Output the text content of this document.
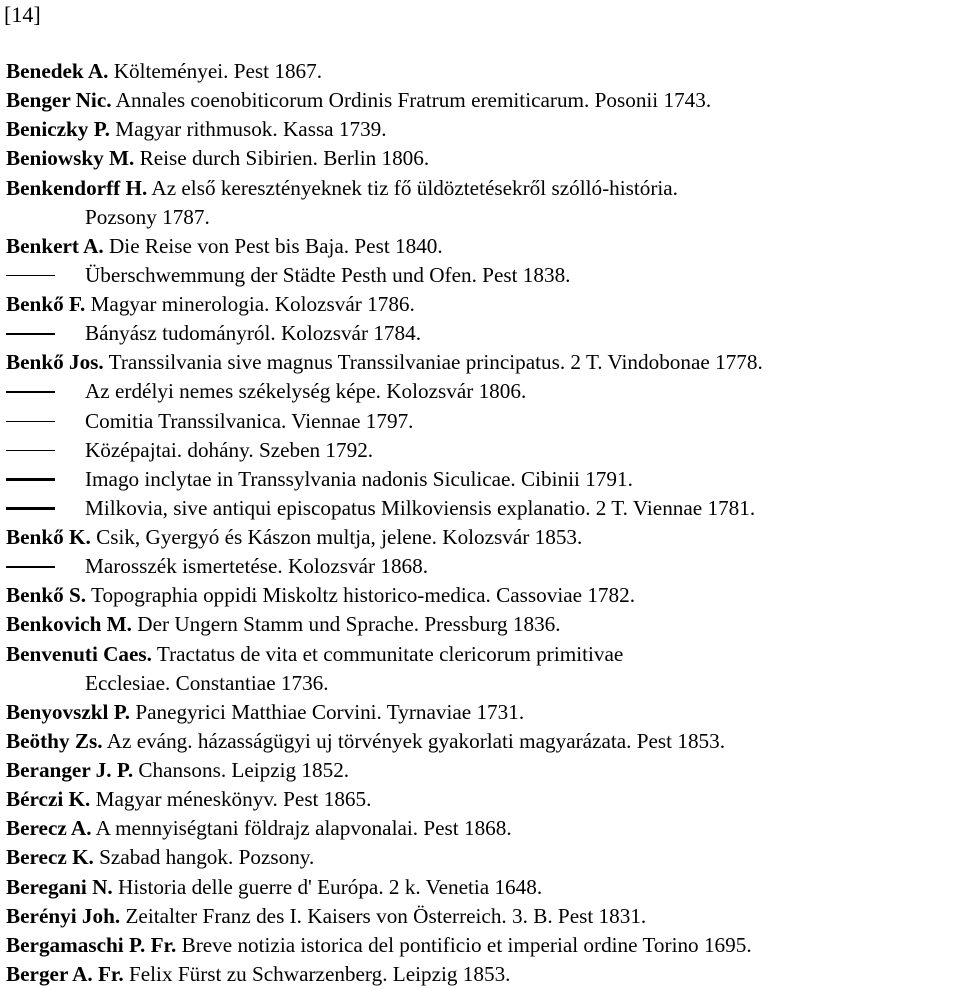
[14]
Benedek A. Költeményei. Pest 1867.
Benger Nic. Annales coenobiticorum Ordinis Fratrum eremiticarum. Posonii 1743.
Beniczky P. Magyar rithmusok. Kassa 1739.
Beniowsky M. Reise durch Sibirien. Berlin 1806.
Benkendorff H. Az első keresztényeknek tiz fő üldöztetésekről szólló-história.
Pozsony 1787.
Benkert A. Die Reise von Pest bis Baja. Pest 1840.
Überschwemmung der Städte Pesth und Ofen. Pest 1838.
Benkő F. Magyar minerologia. Kolozsvár 1786.
Bányász tudományról. Kolozsvár 1784.
Benkő Jos. Transsilvania sive magnus Transsilvaniae principatus. 2 T. Vindobonae 1778.
Az erdélyi nemes székelység képe. Kolozsvár 1806.
Comitia Transsilvanica. Viennae 1797.
Középajtai. dohány. Szeben 1792.
Imago inclytae in Transsylvania nadonis Siculicae. Cibinii 1791.
Milkovia, sive antiqui episcopatus Milkoviensis explanatio. 2 T. Viennae 1781.
Benkő K. Csik, Gyergyó és Kászon multja, jelene. Kolozsvár 1853.
Marosszék ismertetése. Kolozsvár 1868.
Benkő S. Topographia oppidi Miskoltz historico-medica. Cassoviae 1782.
Benkovich M. Der Ungern Stamm und Sprache. Pressburg 1836.
Benvenuti Caes. Tractatus de vita et communitate clericorum primitivae
Ecclesiae. Constantiae 1736.
Benyovszkl P. Panegyrici Matthiae Corvini. Tyrnaviae 1731.
Beöthy Zs. Az eváng. házasságügyi uj törvények gyakorlati magyarázata. Pest 1853.
Beranger J. P. Chansons. Leipzig 1852.
Bérczi K. Magyar méneskönyv. Pest 1865.
Berecz A. A mennyiségtani földrajz alapvonalai. Pest 1868.
Berecz K. Szabad hangok. Pozsony.
Beregani N. Historia delle guerre d' Európa. 2 k. Venetia 1648.
Berényi Joh. Zeitalter Franz des I. Kaisers von Österreich. 3. B. Pest 1831.
Bergamaschi P. Fr. Breve notizia istorica del pontificio et imperial ordine Torino 1695.
Berger A. Fr. Felix Fürst zu Schwarzenberg. Leipzig 1853.
